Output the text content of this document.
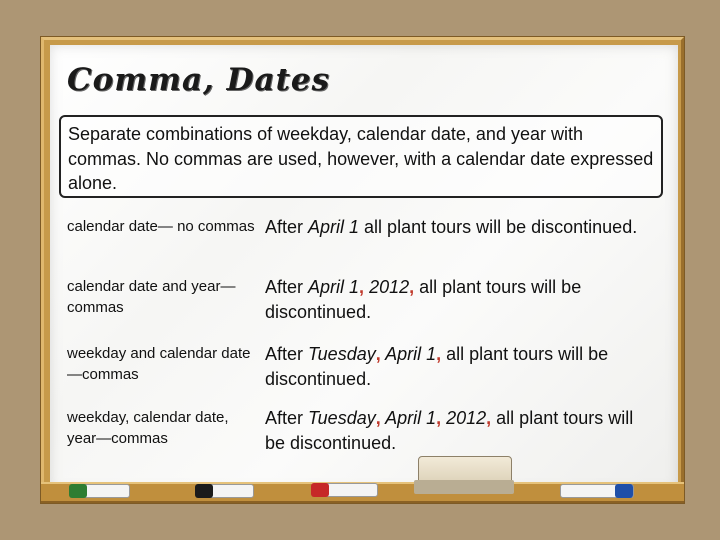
Comma, Dates
Separate combinations of weekday, calendar date, and year with commas. No commas are used, however, with a calendar date expressed alone.
calendar date— no commas After April 1 all plant tours will be discontinued.
calendar date and year—commas
After April 1, 2012, all plant tours will be discontinued.
weekday and calendar date—commas
After Tuesday, April 1, all plant tours will be discontinued.
weekday, calendar date, year—commas
After Tuesday, April 1, 2012, all plant tours will be discontinued.
